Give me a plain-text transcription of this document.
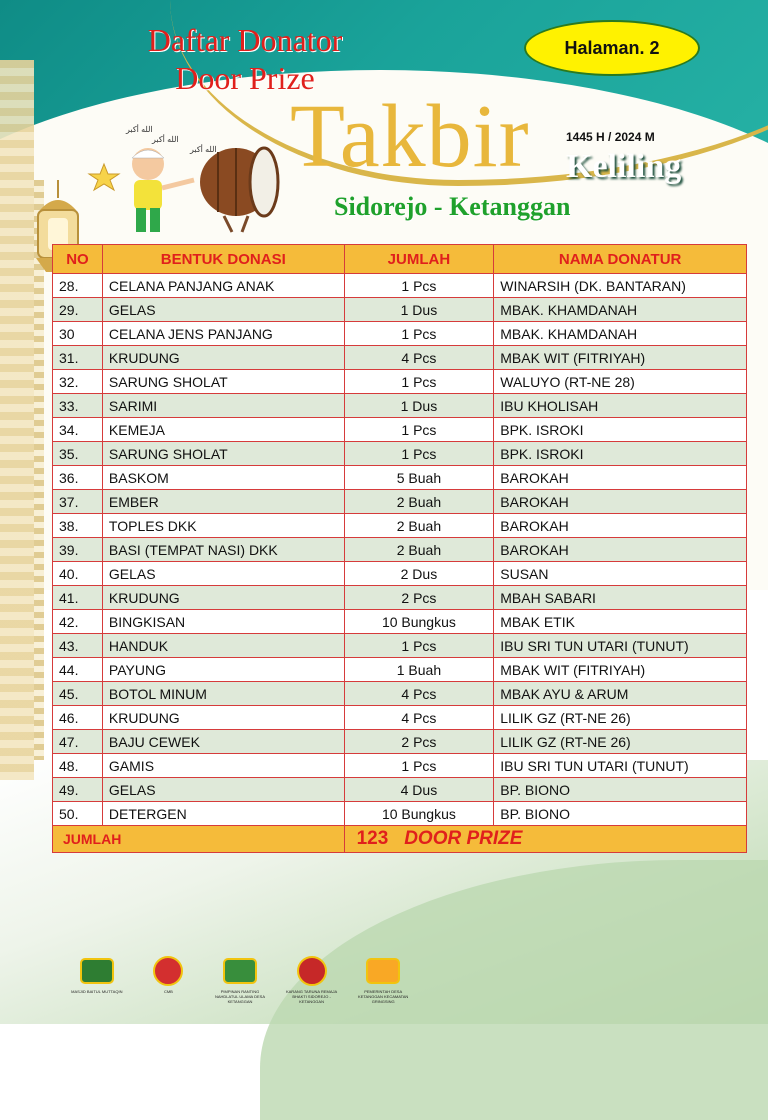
Daftar Donator
Door Prize
Halaman. 2
الله أكبر
الله أكبر
الله أكبر Takbir	1445 H / 2024 M
Keliling
Sidorejo - Ketanggan
NO	BENTUK DONASI	JUMLAH	NAMA DONATUR
28.	CELANA PANJANG ANAK	1 Pcs	WINARSIH (DK. BANTARAN)
29.	GELAS	1 Dus	MBAK. KHAMDANAH
30	CELANA JENS PANJANG	1 Pcs	MBAK. KHAMDANAH
31.	KRUDUNG	4 Pcs	MBAK WIT (FITRIYAH)
32.	SARUNG SHOLAT	1 Pcs	WALUYO (RT-NE 28)
33.	SARIMI	1 Dus	IBU KHOLISAH
34.	KEMEJA	1 Pcs	BPK. ISROKI
35.	SARUNG SHOLAT	1 Pcs	BPK. ISROKI
36.	BASKOM	5 Buah	BAROKAH
37.	EMBER	2 Buah	BAROKAH
38.	TOPLES DKK	2 Buah	BAROKAH
39.	BASI (TEMPAT NASI) DKK	2 Buah	BAROKAH
40.	GELAS	2 Dus	SUSAN
41.	KRUDUNG	2 Pcs	MBAH SABARI
42.	BINGKISAN	10 Bungkus	MBAK ETIK
43.	HANDUK	1 Pcs	IBU SRI TUN UTARI (TUNUT)
44.	PAYUNG	1 Buah	MBAK WIT (FITRIYAH)
45.	BOTOL MINUM	4 Pcs	MBAK AYU & ARUM
46.	KRUDUNG	4 Pcs	LILIK GZ (RT-NE 26)
47.	BAJU CEWEK	2 Pcs	LILIK GZ (RT-NE 26)
48.	GAMIS	1 Pcs	IBU SRI TUN UTARI (TUNUT)
49.	GELAS	4 Dus	BP. BIONO
50.	DETERGEN	10 Bungkus	BP. BIONO
JUMLAH		123 DOOR PRIZE	
MASJID BAITUL MUTTAQIN	CMB	PIMPINAN RANTING NAHDLATUL ULAMA DESA KETANGGAN
KARANG TARUNA REMAJA BHAKTI SIDOREJO - KETANGGAN
PEMERINTAH DESA KETANGGAN KECAMATAN GRINGSING
